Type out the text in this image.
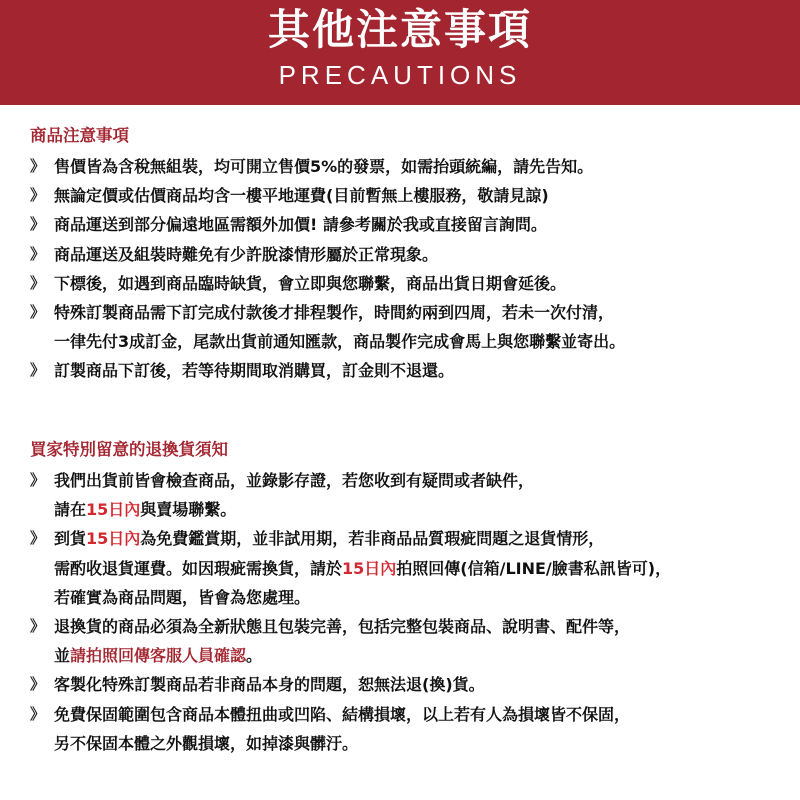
其他注意事項
PRECAUTIONS
商品注意事項
》 售價皆為含稅無組裝，均可開立售價5%的發票，如需抬頭統編，請先告知。
》 無論定價或估價商品均含一樓平地運費(目前暫無上樓服務，敬請見諒)
》 商品運送到部分偏遠地區需額外加價! 請參考關於我或直接留言詢問。
》 商品運送及組裝時難免有少許脫漆情形屬於正常現象。
》 下標後，如遇到商品臨時缺貨，會立即與您聯繫，商品出貨日期會延後。
》 特殊訂製商品需下訂完成付款後才排程製作，時間約兩到四周，若未一次付清，
一律先付3成訂金，尾款出貨前通知匯款，商品製作完成會馬上與您聯繫並寄出。
》 訂製商品下訂後，若等待期間取消購買，訂金則不退還。
買家特別留意的退換貨須知
》 我們出貨前皆會檢查商品，並錄影存證，若您收到有疑問或者缺件，
請在15日內與賣場聯繫。
》 到貨15日內為免費鑑賞期，並非試用期，若非商品品質瑕疵問題之退貨情形，
需酌收退貨運費。如因瑕疵需換貨，請於15日內拍照回傳(信箱/LINE/臉書私訊皆可)，
若確實為商品問題，皆會為您處理。
》 退換貨的商品必須為全新狀態且包裝完善，包括完整包裝商品、說明書、配件等，
並請拍照回傳客服人員確認。
》 客製化特殊訂製商品若非商品本身的問題，恕無法退(換)貨。
》 免費保固範圍包含商品本體扭曲或凹陷、結構損壞，以上若有人為損壞皆不保固，
另不保固本體之外觀損壞，如掉漆與髒汙。
